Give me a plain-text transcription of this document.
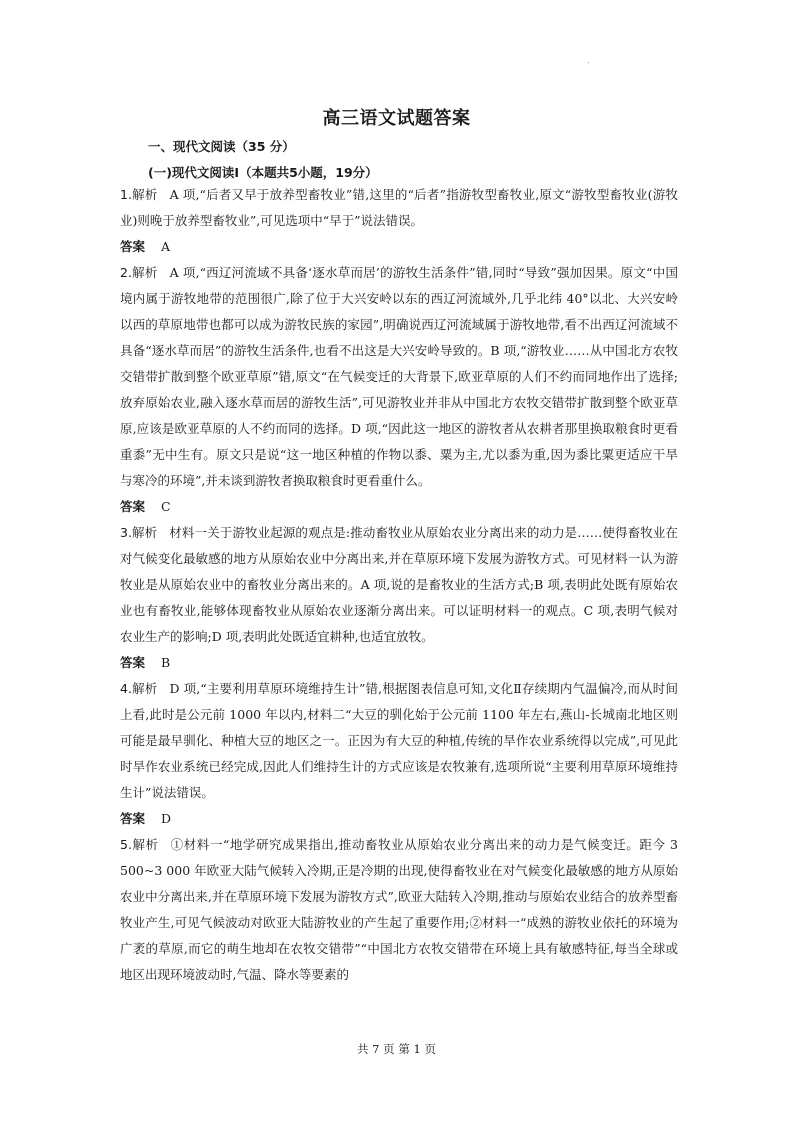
高三语文试题答案
一、现代文阅读（35 分）
(一)现代文阅读Ⅰ（本题共5小题，19分）

1.解析 A 项,“后者又早于放养型畜牧业”错,这里的“后者”指游牧型畜牧业,原文“游牧型畜牧业(游牧业)则晚于放养型畜牧业”,可见选项中“早于”说法错误。

答案 A

2.解析 A 项,“西辽河流域不具备‘逐水草而居’的游牧生活条件”错,同时“导致”强加因果。原文“中国境内属于游牧地带的范围很广,除了位于大兴安岭以东的西辽河流域外,几乎北纬 40°以北、大兴安岭以西的草原地带也都可以成为游牧民族的家园”,明确说西辽河流域属于游牧地带,看不出西辽河流域不具备“逐水草而居”的游牧生活条件,也看不出这是大兴安岭导致的。B 项,“游牧业……从中国北方农牧交错带扩散到整个欧亚草原”错,原文“在气候变迁的大背景下,欧亚草原的人们不约而同地作出了选择;放弃原始农业,融入逐水草而居的游牧生活”,可见游牧业并非从中国北方农牧交错带扩散到整个欧亚草原,应该是欧亚草原的人不约而同的选择。D 项,“因此这一地区的游牧者从农耕者那里换取粮食时更看重黍”无中生有。原文只是说“这一地区种植的作物以黍、粟为主,尤以黍为重,因为黍比粟更适应干旱与寒冷的环境”,并未谈到游牧者换取粮食时更看重什么。

答案 C

3.解析 材料一关于游牧业起源的观点是:推动畜牧业从原始农业分离出来的动力是……使得畜牧业在对气候变化最敏感的地方从原始农业中分离出来,并在草原环境下发展为游牧方式。可见材料一认为游牧业是从原始农业中的畜牧业分离出来的。A 项,说的是畜牧业的生活方式;B 项,表明此处既有原始农业也有畜牧业,能够体现畜牧业从原始农业逐渐分离出来。可以证明材料一的观点。C 项,表明气候对农业生产的影响;D 项,表明此处既适宜耕种,也适宜放牧。

答案 B

4.解析 D 项,“主要利用草原环境维持生计”错,根据图表信息可知,文化Ⅱ存续期内气温偏冷,而从时间上看,此时是公元前 1000 年以内,材料二“大豆的驯化始于公元前 1100 年左右,燕山-长城南北地区则可能是最早驯化、种植大豆的地区之一。正因为有大豆的种植,传统的旱作农业系统得以完成”,可见此时旱作农业系统已经完成,因此人们维持生计的方式应该是农牧兼有,选项所说“主要利用草原环境维持生计”说法错误。

答案 D

5.解析 ①材料一“地学研究成果指出,推动畜牧业从原始农业分离出来的动力是气候变迁。距今 3 500~3 000 年欧亚大陆气候转入冷期,正是冷期的出现,使得畜牧业在对气候变化最敏感的地方从原始农业中分离出来,并在草原环境下发展为游牧方式”,欧亚大陆转入冷期,推动与原始农业结合的放养型畜牧业产生,可见气候波动对欧亚大陆游牧业的产生起了重要作用;②材料一“成熟的游牧业依托的环境为广袤的草原,而它的萌生地却在农牧交错带”“中国北方农牧交错带在环境上具有敏感特征,每当全球或地区出现环境波动时,气温、降水等要素的

共 7 页 第 1 页
